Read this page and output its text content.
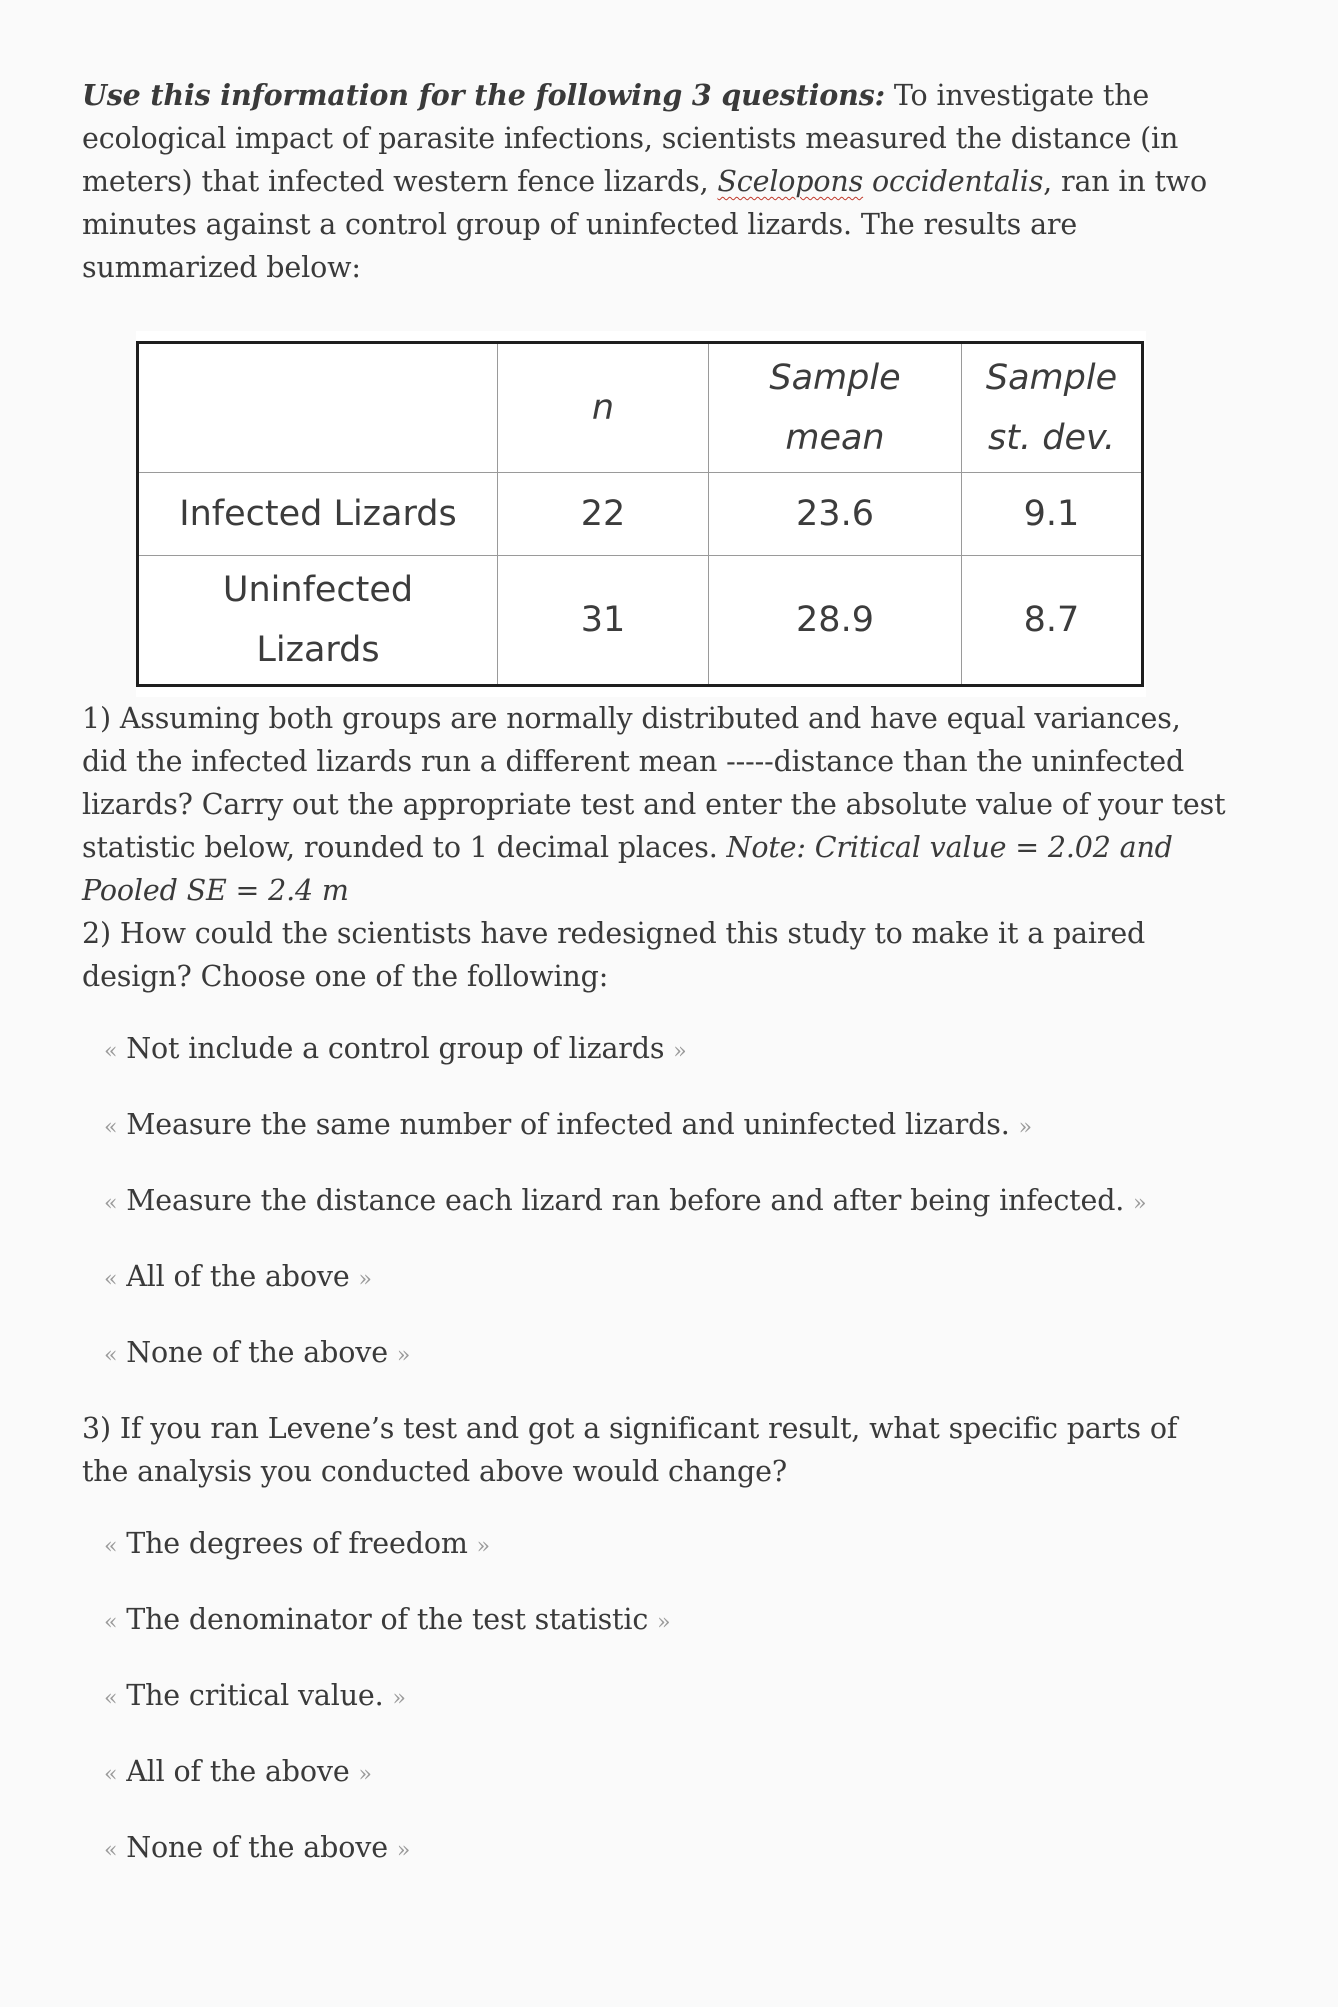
Use this information for the following 3 questions: To investigate the ecological impact of parasite infections, scientists measured the distance (in meters) that infected western fence lizards, Scelopons occidentalis, ran in two minutes against a control group of uninfected lizards. The results are summarized below:

	n	Sample mean	Sample st. dev.
Infected Lizards	22	23.6	9.1
Uninfected Lizards	31	28.9	8.7

1) Assuming both groups are normally distributed and have equal variances, did the infected lizards run a different mean -----distance than the uninfected lizards? Carry out the appropriate test and enter the absolute value of your test statistic below, rounded to 1 decimal places. Note: Critical value = 2.02 and Pooled SE = 2.4 m

2) How could the scientists have redesigned this study to make it a paired design? Choose one of the following:

« Not include a control group of lizards »
« Measure the same number of infected and uninfected lizards. »
« Measure the distance each lizard ran before and after being infected. »
« All of the above »
« None of the above »

3) If you ran Levene’s test and got a significant result, what specific parts of the analysis you conducted above would change?

« The degrees of freedom »
« The denominator of the test statistic »
« The critical value. »
« All of the above »
« None of the above »
